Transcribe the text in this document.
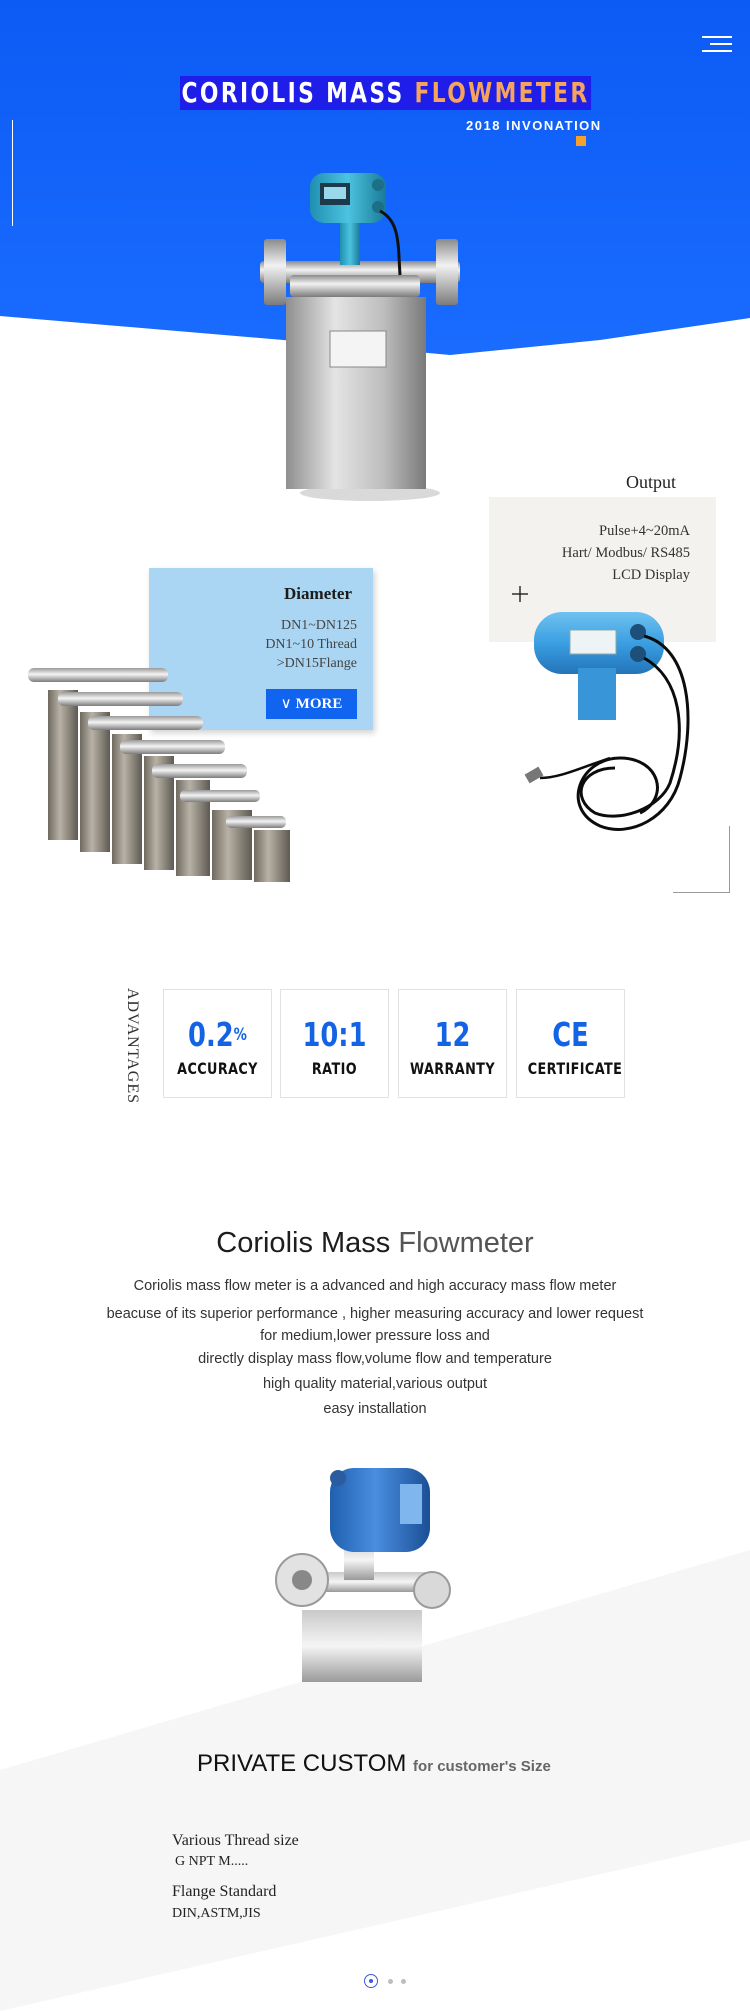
CORIOLIS MASS FLOWMETER
2018 INVONATION
Output
Pulse+4~20mA
Hart/ Modbus/ RS485
LCD Display
Diameter
DN1~DN125
DN1~10 Thread
>DN15Flange
∨ MORE
ADVANTAGES	0.2%
ACCURACY
10:1
RATIO
12
WARRANTY
CE
CERTIFICATE
Coriolis Mass Flowmeter
Coriolis mass flow meter is a advanced and high accuracy mass flow meter
beacuse of its superior performance , higher measuring accuracy and lower request
for medium,lower pressure loss and
directly display mass flow,volume flow and temperature
high quality material,various output
easy installation
PRIVATE CUSTOM for customer's Size
Various Thread size
G NPT M.....
Flange Standard
DIN,ASTM,JIS
